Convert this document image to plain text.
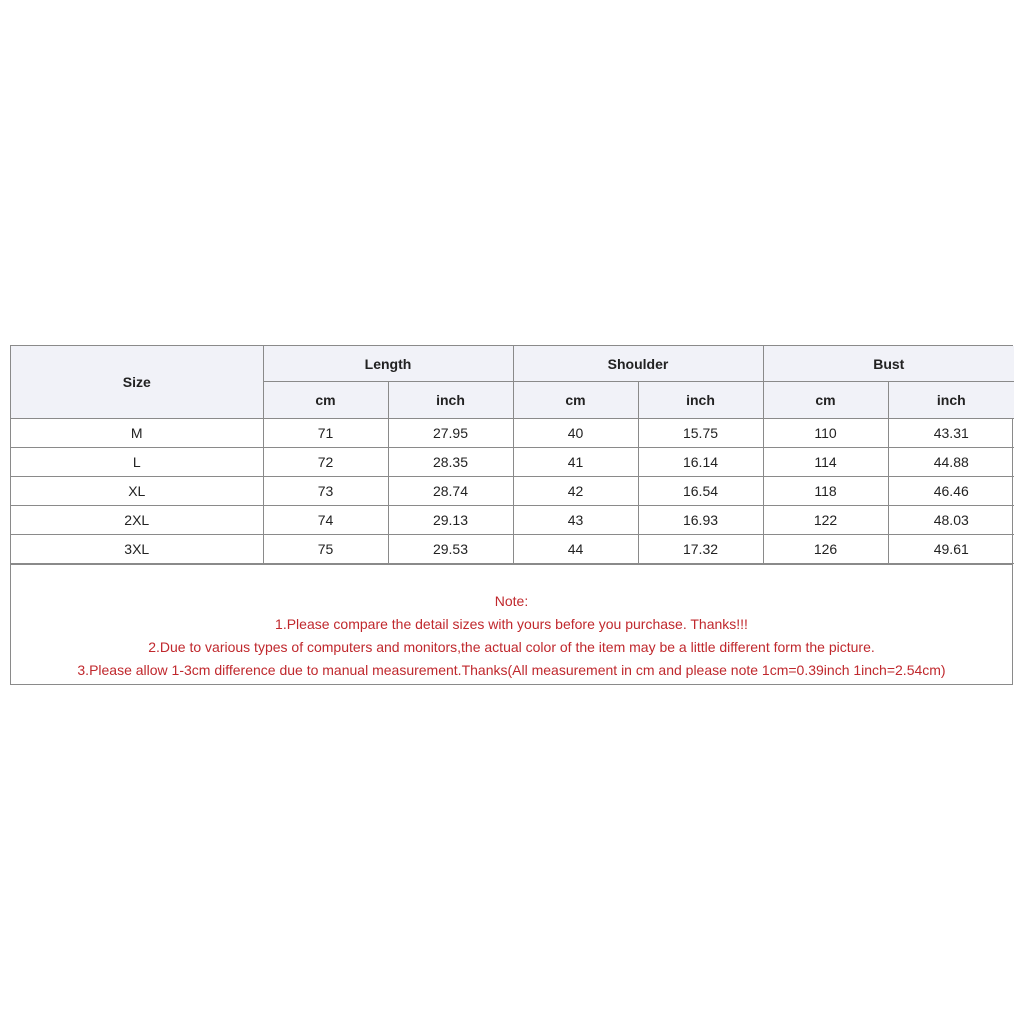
Size	Length		Shoulder		Bust	
	cm	inch	cm	inch	cm	inch
M	71	27.95	40	15.75	110	43.31
L	72	28.35	41	16.14	114	44.88
XL	73	28.74	42	16.54	118	46.46
2XL	74	29.13	43	16.93	122	48.03
3XL	75	29.53	44	17.32	126	49.61
Note:
1.Please compare the detail sizes with yours before you purchase. Thanks!!!
2.Due to various types of computers and monitors,the actual color of the item may be a little different form the picture.
3.Please allow 1-3cm difference due to manual measurement.Thanks(All measurement in cm and please note 1cm=0.39inch 1inch=2.54cm)
